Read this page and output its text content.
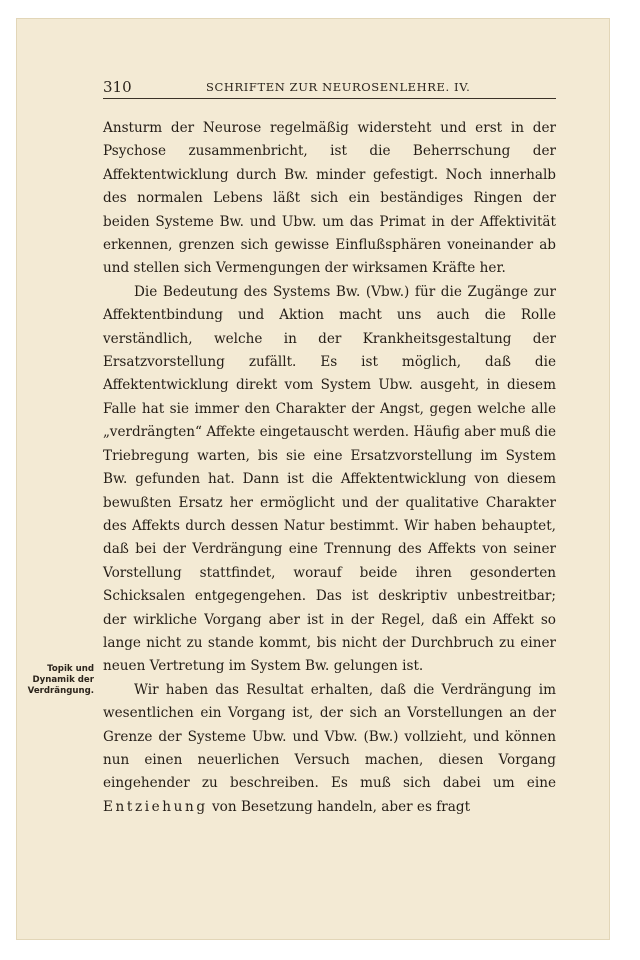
310	SCHRIFTEN ZUR NEUROSENLEHRE. IV.
Topik und Dynamik der Verdrängung.

Ansturm der Neurose regelmäßig widersteht und erst in der Psychose zusammenbricht, ist die Beherrschung der Affektentwicklung durch Bw. minder gefestigt. Noch innerhalb des normalen Lebens läßt sich ein beständiges Ringen der beiden Systeme Bw. und Ubw. um das Primat in der Affektivität erkennen, grenzen sich gewisse Einflußsphären voneinander ab und stellen sich Vermengungen der wirksamen Kräfte her.

Die Bedeutung des Systems Bw. (Vbw.) für die Zugänge zur Affektentbindung und Aktion macht uns auch die Rolle verständlich, welche in der Krankheitsgestaltung der Ersatzvorstellung zufällt. Es ist möglich, daß die Affektentwicklung direkt vom System Ubw. ausgeht, in diesem Falle hat sie immer den Charakter der Angst, gegen welche alle „verdrängten“ Affekte eingetauscht werden. Häufig aber muß die Triebregung warten, bis sie eine Ersatzvorstellung im System Bw. gefunden hat. Dann ist die Affektentwicklung von diesem bewußten Ersatz her ermöglicht und der qualitative Charakter des Affekts durch dessen Natur bestimmt. Wir haben behauptet, daß bei der Verdrängung eine Trennung des Affekts von seiner Vorstellung stattfindet, worauf beide ihren gesonderten Schicksalen entgegengehen. Das ist deskriptiv unbestreitbar; der wirkliche Vorgang aber ist in der Regel, daß ein Affekt so lange nicht zu stande kommt, bis nicht der Durchbruch zu einer neuen Vertretung im System Bw. gelungen ist.

Wir haben das Resultat erhalten, daß die Verdrängung im wesentlichen ein Vorgang ist, der sich an Vorstellungen an der Grenze der Systeme Ubw. und Vbw. (Bw.) vollzieht, und können nun einen neuerlichen Versuch machen, diesen Vorgang eingehender zu beschreiben. Es muß sich dabei um eine Entziehung von Besetzung handeln, aber es fragt
